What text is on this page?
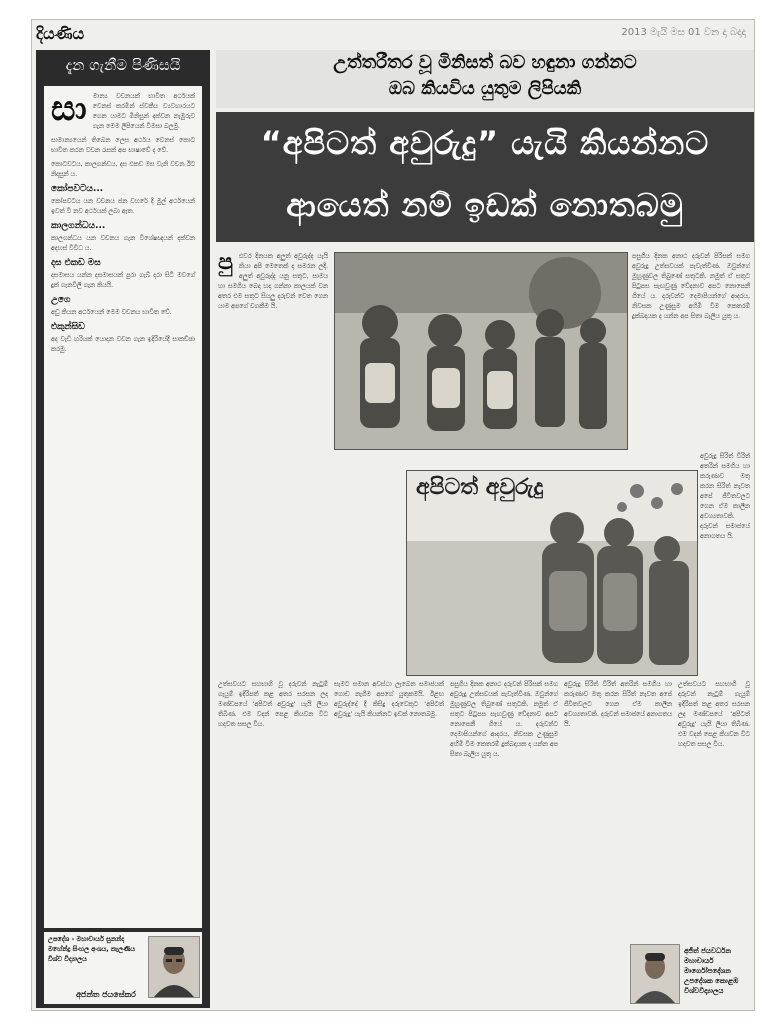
දියණිය	2013 මැයි මස 01 වන දා බදාදා
දැන ගැනීම පිණිසයි
සා මාන්‍ය වචනයක් භාවිත අර්ථයක් වෙනස් කරමින් ස්වකීය ව්‍යවහාරයට ගෙන යාමට මිනිසුන් දක්වන නැඹුරුව ගැන මෙම ලිපියෙන් විමසා බලමු.

සාමාන්‍යයෙන් තිබෙන ලෙස අර්ථය වෙනස් කොට භාවිත කරන වචන රැසක් අප භාෂාවේ ද වේ.

කොටවටය, කාලගන්ඩය, දස එකඩ මස වැනි වචන ඊට නිදසුන් ය.

කෝපවටය...

කෝපවටය යන වචනය ජන වහරේ දී මුල් අර්ථයෙන් ඉවත් වී නව අර්ථයක් ලබා ඇත.

කාලගන්ධය...

කාලගන්ධය යන වචනය ගැන විශේෂඥයන් දක්වන අදහස් විවිධ ය.

දස එකඩ මස

දසමාසය යන්න දසමාසයක් පුරා ගැබ් දරා සිටි මවගේ දුක් ගැනවිලි ගැන කියයි.

උගෙ

අඩු කියන අර්ථයෙන් මෙම වචනය භාවිත වේ.

එකුන්සිඩ

අද වැඩි හරියක් යොදන වචන ගැන ඉදිරියේදී සාකච්ඡා කරමු.

උපදේශ - මහාචාර්ය සුනන්ද මහේන්ද්‍ර සිංහල අංශය, කැලණිය විශ්ව විද්‍යාලය
අජන්ත ජයසේකර
උත්තරීතර වූ මිනිසත් බව හඳුනා ගන්නට
ඔබ කියවිය යුතුම ලිපියකි
“අපිටත් අවුරුදු” යැයි කියන්නට
ආයෙත් නම් ඉඩක් නොතබමු
පු ළුවර දිනයක අලුත් අවුරුද්ද යැයි කියා අපි මෙතෙක් ද සමරන ලදී. අලුත් අවුරුද්ද යනු සතුට, සාමය හා සමගිය බෙදා හදා ගන්නා කාලයක් වන අතර එම සතුට සියලු දරුවන් වෙත ගෙන යාම අපගේ වගකීම යි.
පසුගිය දිනක අනාථ දරුවන් පිරිසක් සමග අවුරුදු උත්සවයක් පැවැත්විණ. ඔවුන්ගේ මුහුණුවල තිබුණේ සතුටකි. නමුත් ඒ සතුට පිටුපස සැඟවුණු වේදනාව අපට නොපෙනී ගියේ ය. දරුවන්ට දෙමාපියන්ගේ ආදරය, නිවසක උණුසුම අහිමි වීම කෙතරම් දුක්ඛදායක ද යන්න අප සිතා බැලිය යුතු ය.
අපිටත් අවුරුදු
අවුරුදු සිරිත් විරිත් අතරින් සමගිය හා කරුණාව මතු කරන සිරිත් නැවත අපේ ජීවිතවලට ගෙන ඒම කාලීන අවශ්‍යතාවකි. දරුවන් සමාජයේ අනාගතය යි.
උත්සවයට සහභාගි වූ දරුවන් නැටුම් ගැයුම් ඉදිරිපත් කළ අතර සරසන ලද මණ්ඩපයේ ‘අපිටත් අවුරුදු’ යැයි ලියා තිබිණ. එම වදන් පෙළ කියවන විට හදවත සසල විය.
සැමට සමාන අවස්ථා ලැබෙන සමාජයක් ගොඩ නැගීම අපගේ යුතුකමයි. ඊළඟ අවුරුද්දේ දී කිසිදු දරුවෙකුට ‘අපිටත් අවුරුදු’ යැයි කියන්නට ඉඩක් නොතබමු.
පසුගිය දිනක අනාථ දරුවන් පිරිසක් සමග අවුරුදු උත්සවයක් පැවැත්විණ. ඔවුන්ගේ මුහුණුවල තිබුණේ සතුටකි. නමුත් ඒ සතුට පිටුපස සැඟවුණු වේදනාව අපට නොපෙනී ගියේ ය. දරුවන්ට දෙමාපියන්ගේ ආදරය, නිවසක උණුසුම අහිමි වීම කෙතරම් දුක්ඛදායක ද යන්න අප සිතා බැලිය යුතු ය.
අවුරුදු සිරිත් විරිත් අතරින් සමගිය හා කරුණාව මතු කරන සිරිත් නැවත අපේ ජීවිතවලට ගෙන ඒම කාලීන අවශ්‍යතාවකි. දරුවන් සමාජයේ අනාගතය යි.
උත්සවයට සහභාගි වූ දරුවන් නැටුම් ගැයුම් ඉදිරිපත් කළ අතර සරසන ලද මණ්ඩපයේ ‘අපිටත් අවුරුදු’ යැයි ලියා තිබිණ. එම වදන් පෙළ කියවන විට හදවත සසල විය.
අජිත් ජයවර්ධන මහාචාර්ය මාර්ගෝපදේශන උපදේශක කොළඹ විශ්වවිද්‍යාලය
